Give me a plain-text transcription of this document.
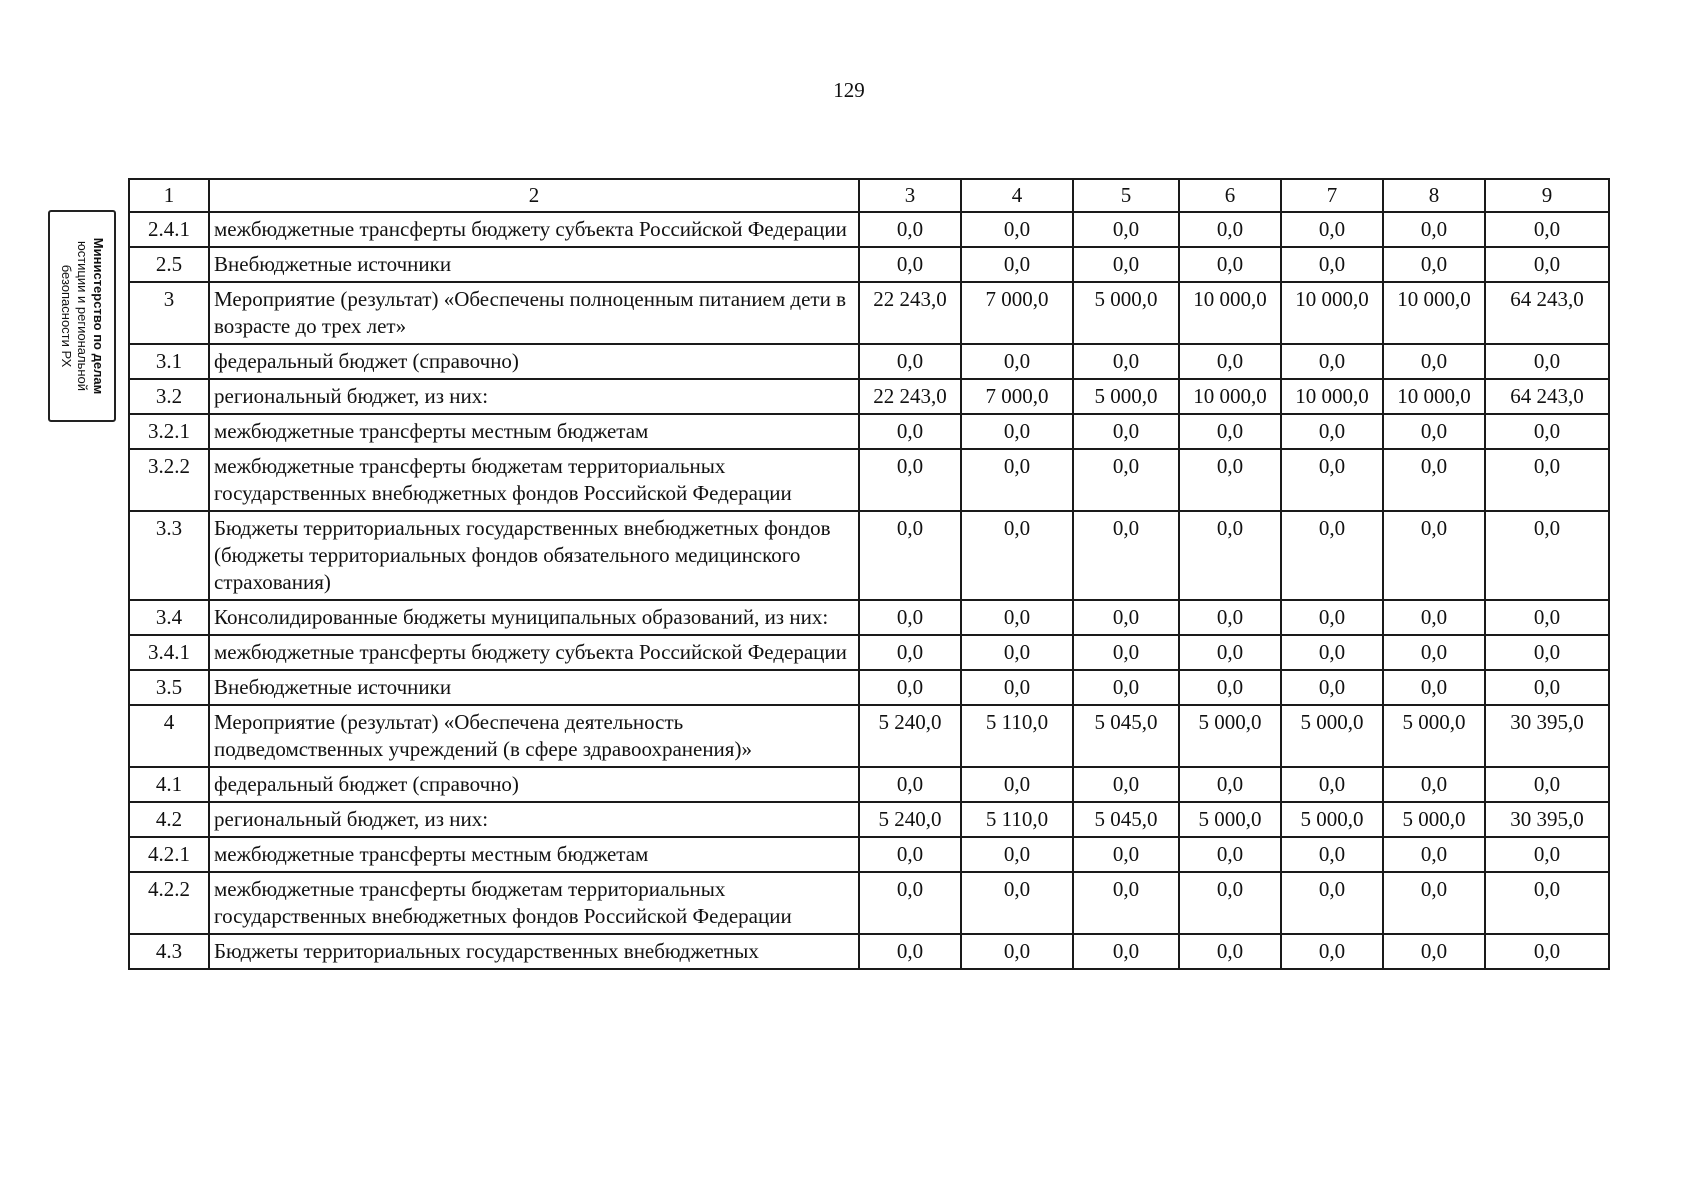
129
Министерство по делам
юстиции и региональной
безопасности РХ
1	2	3	4	5	6	7	8	9
2.4.1	межбюджетные трансферты бюджету субъекта Российской Федерации	0,0	0,0	0,0	0,0	0,0	0,0	0,0
2.5	Внебюджетные источники	0,0	0,0	0,0	0,0	0,0	0,0	0,0
3	Мероприятие (результат) «Обеспечены полноценным питанием дети в возрасте до трех лет»	22 243,0	7 000,0	5 000,0	10 000,0	10 000,0	10 000,0	64 243,0
3.1	федеральный бюджет (справочно)	0,0	0,0	0,0	0,0	0,0	0,0	0,0
3.2	региональный бюджет, из них:	22 243,0	7 000,0	5 000,0	10 000,0	10 000,0	10 000,0	64 243,0
3.2.1	межбюджетные трансферты местным бюджетам	0,0	0,0	0,0	0,0	0,0	0,0	0,0
3.2.2	межбюджетные трансферты бюджетам территориальных государственных внебюджетных фондов Российской Федерации	0,0	0,0	0,0	0,0	0,0	0,0	0,0
3.3	Бюджеты территориальных государственных внебюджетных фондов (бюджеты территориальных фондов обязательного медицинского страхования)	0,0	0,0	0,0	0,0	0,0	0,0	0,0
3.4	Консолидированные бюджеты муниципальных образований, из них:	0,0	0,0	0,0	0,0	0,0	0,0	0,0
3.4.1	межбюджетные трансферты бюджету субъекта Российской Федерации	0,0	0,0	0,0	0,0	0,0	0,0	0,0
3.5	Внебюджетные источники	0,0	0,0	0,0	0,0	0,0	0,0	0,0
4	Мероприятие (результат) «Обеспечена деятельность подведомственных учреждений (в сфере здравоохранения)»	5 240,0	5 110,0	5 045,0	5 000,0	5 000,0	5 000,0	30 395,0
4.1	федеральный бюджет (справочно)	0,0	0,0	0,0	0,0	0,0	0,0	0,0
4.2	региональный бюджет, из них:	5 240,0	5 110,0	5 045,0	5 000,0	5 000,0	5 000,0	30 395,0
4.2.1	межбюджетные трансферты местным бюджетам	0,0	0,0	0,0	0,0	0,0	0,0	0,0
4.2.2	межбюджетные трансферты бюджетам территориальных государственных внебюджетных фондов Российской Федерации	0,0	0,0	0,0	0,0	0,0	0,0	0,0
4.3	Бюджеты территориальных государственных внебюджетных	0,0	0,0	0,0	0,0	0,0	0,0	0,0
